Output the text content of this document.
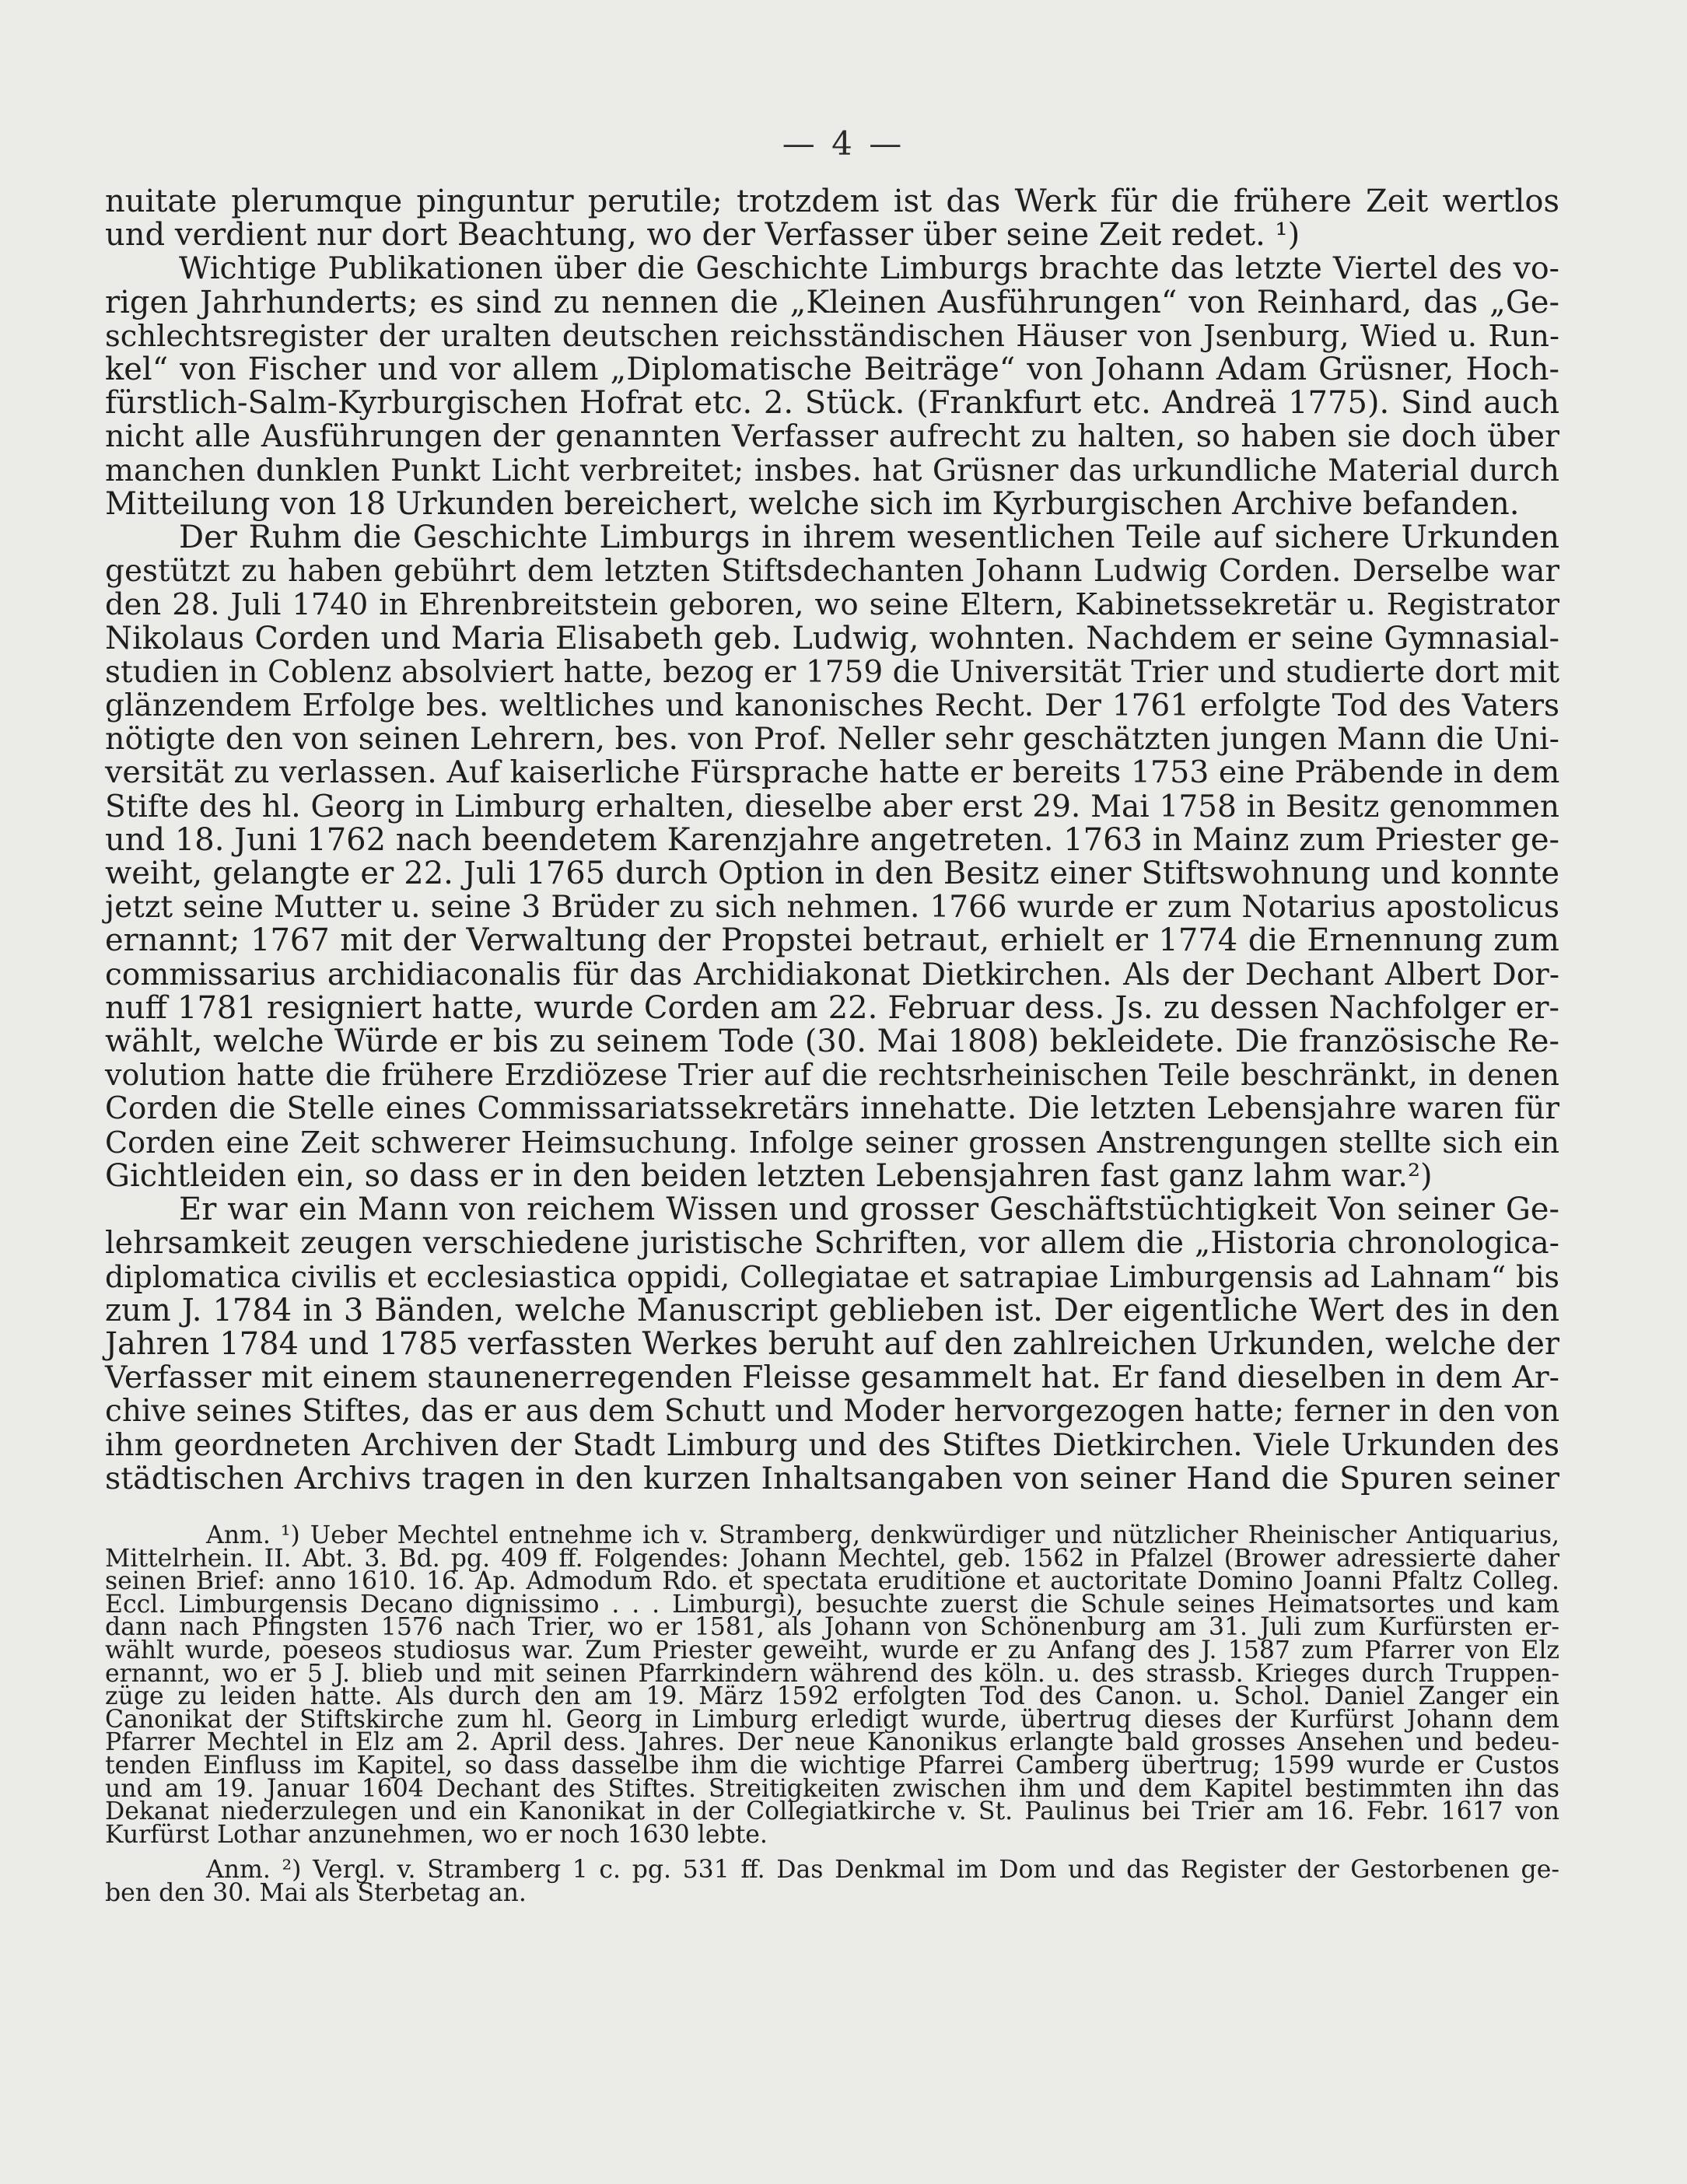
— 4 —
nuitate plerumque pinguntur perutile; trotzdem ist das Werk für die frühere Zeit wertlos
und verdient nur dort Beachtung, wo der Verfasser über seine Zeit redet. ¹)
Wichtige Publikationen über die Geschichte Limburgs brachte das letzte Viertel des vo-
rigen Jahrhunderts; es sind zu nennen die „Kleinen Ausführungen“ von Reinhard, das „Ge-
schlechtsregister der uralten deutschen reichsständischen Häuser von Jsenburg, Wied u. Run-
kel“ von Fischer und vor allem „Diplomatische Beiträge“ von Johann Adam Grüsner, Hoch-
fürstlich-Salm-Kyrburgischen Hofrat etc. 2. Stück. (Frankfurt etc. Andreä 1775). Sind auch
nicht alle Ausführungen der genannten Verfasser aufrecht zu halten, so haben sie doch über
manchen dunklen Punkt Licht verbreitet; insbes. hat Grüsner das urkundliche Material durch
Mitteilung von 18 Urkunden bereichert, welche sich im Kyrburgischen Archive befanden.
Der Ruhm die Geschichte Limburgs in ihrem wesentlichen Teile auf sichere Urkunden
gestützt zu haben gebührt dem letzten Stiftsdechanten Johann Ludwig Corden. Derselbe war
den 28. Juli 1740 in Ehrenbreitstein geboren, wo seine Eltern, Kabinetssekretär u. Registrator
Nikolaus Corden und Maria Elisabeth geb. Ludwig, wohnten. Nachdem er seine Gymnasial-
studien in Coblenz absolviert hatte, bezog er 1759 die Universität Trier und studierte dort mit
glänzendem Erfolge bes. weltliches und kanonisches Recht. Der 1761 erfolgte Tod des Vaters
nötigte den von seinen Lehrern, bes. von Prof. Neller sehr geschätzten jungen Mann die Uni-
versität zu verlassen. Auf kaiserliche Fürsprache hatte er bereits 1753 eine Präbende in dem
Stifte des hl. Georg in Limburg erhalten, dieselbe aber erst 29. Mai 1758 in Besitz genommen
und 18. Juni 1762 nach beendetem Karenzjahre angetreten. 1763 in Mainz zum Priester ge-
weiht, gelangte er 22. Juli 1765 durch Option in den Besitz einer Stiftswohnung und konnte
jetzt seine Mutter u. seine 3 Brüder zu sich nehmen. 1766 wurde er zum Notarius apostolicus
ernannt; 1767 mit der Verwaltung der Propstei betraut, erhielt er 1774 die Ernennung zum
commissarius archidiaconalis für das Archidiakonat Dietkirchen. Als der Dechant Albert Dor-
nuff 1781 resigniert hatte, wurde Corden am 22. Februar dess. Js. zu dessen Nachfolger er-
wählt, welche Würde er bis zu seinem Tode (30. Mai 1808) bekleidete. Die französische Re-
volution hatte die frühere Erzdiözese Trier auf die rechtsrheinischen Teile beschränkt, in denen
Corden die Stelle eines Commissariatssekretärs innehatte. Die letzten Lebensjahre waren für
Corden eine Zeit schwerer Heimsuchung. Infolge seiner grossen Anstrengungen stellte sich ein
Gichtleiden ein, so dass er in den beiden letzten Lebensjahren fast ganz lahm war.²)
Er war ein Mann von reichem Wissen und grosser Geschäftstüchtigkeit Von seiner Ge-
lehrsamkeit zeugen verschiedene juristische Schriften, vor allem die „Historia chronologica-
diplomatica civilis et ecclesiastica oppidi, Collegiatae et satrapiae Limburgensis ad Lahnam“ bis
zum J. 1784 in 3 Bänden, welche Manuscript geblieben ist. Der eigentliche Wert des in den
Jahren 1784 und 1785 verfassten Werkes beruht auf den zahlreichen Urkunden, welche der
Verfasser mit einem staunenerregenden Fleisse gesammelt hat. Er fand dieselben in dem Ar-
chive seines Stiftes, das er aus dem Schutt und Moder hervorgezogen hatte; ferner in den von
ihm geordneten Archiven der Stadt Limburg und des Stiftes Dietkirchen. Viele Urkunden des
städtischen Archivs tragen in den kurzen Inhaltsangaben von seiner Hand die Spuren seiner
Anm. ¹) Ueber Mechtel entnehme ich v. Stramberg, denkwürdiger und nützlicher Rheinischer Antiquarius,
Mittelrhein. II. Abt. 3. Bd. pg. 409 ff. Folgendes: Johann Mechtel, geb. 1562 in Pfalzel (Brower adressierte daher
seinen Brief: anno 1610. 16. Ap. Admodum Rdo. et spectata eruditione et auctoritate Domino Joanni Pfaltz Colleg.
Eccl. Limburgensis Decano dignissimo . . . Limburgi), besuchte zuerst die Schule seines Heimatsortes und kam
dann nach Pfingsten 1576 nach Trier, wo er 1581, als Johann von Schönenburg am 31. Juli zum Kurfürsten er-
wählt wurde, poeseos studiosus war. Zum Priester geweiht, wurde er zu Anfang des J. 1587 zum Pfarrer von Elz
ernannt, wo er 5 J. blieb und mit seinen Pfarrkindern während des köln. u. des strassb. Krieges durch Truppen-
züge zu leiden hatte. Als durch den am 19. März 1592 erfolgten Tod des Canon. u. Schol. Daniel Zanger ein
Canonikat der Stiftskirche zum hl. Georg in Limburg erledigt wurde, übertrug dieses der Kurfürst Johann dem
Pfarrer Mechtel in Elz am 2. April dess. Jahres. Der neue Kanonikus erlangte bald grosses Ansehen und bedeu-
tenden Einfluss im Kapitel, so dass dasselbe ihm die wichtige Pfarrei Camberg übertrug; 1599 wurde er Custos
und am 19. Januar 1604 Dechant des Stiftes. Streitigkeiten zwischen ihm und dem Kapitel bestimmten ihn das
Dekanat niederzulegen und ein Kanonikat in der Collegiatkirche v. St. Paulinus bei Trier am 16. Febr. 1617 von
Kurfürst Lothar anzunehmen, wo er noch 1630 lebte.
Anm. ²) Vergl. v. Stramberg 1 c. pg. 531 ff. Das Denkmal im Dom und das Register der Gestorbenen ge-
ben den 30. Mai als Sterbetag an.
